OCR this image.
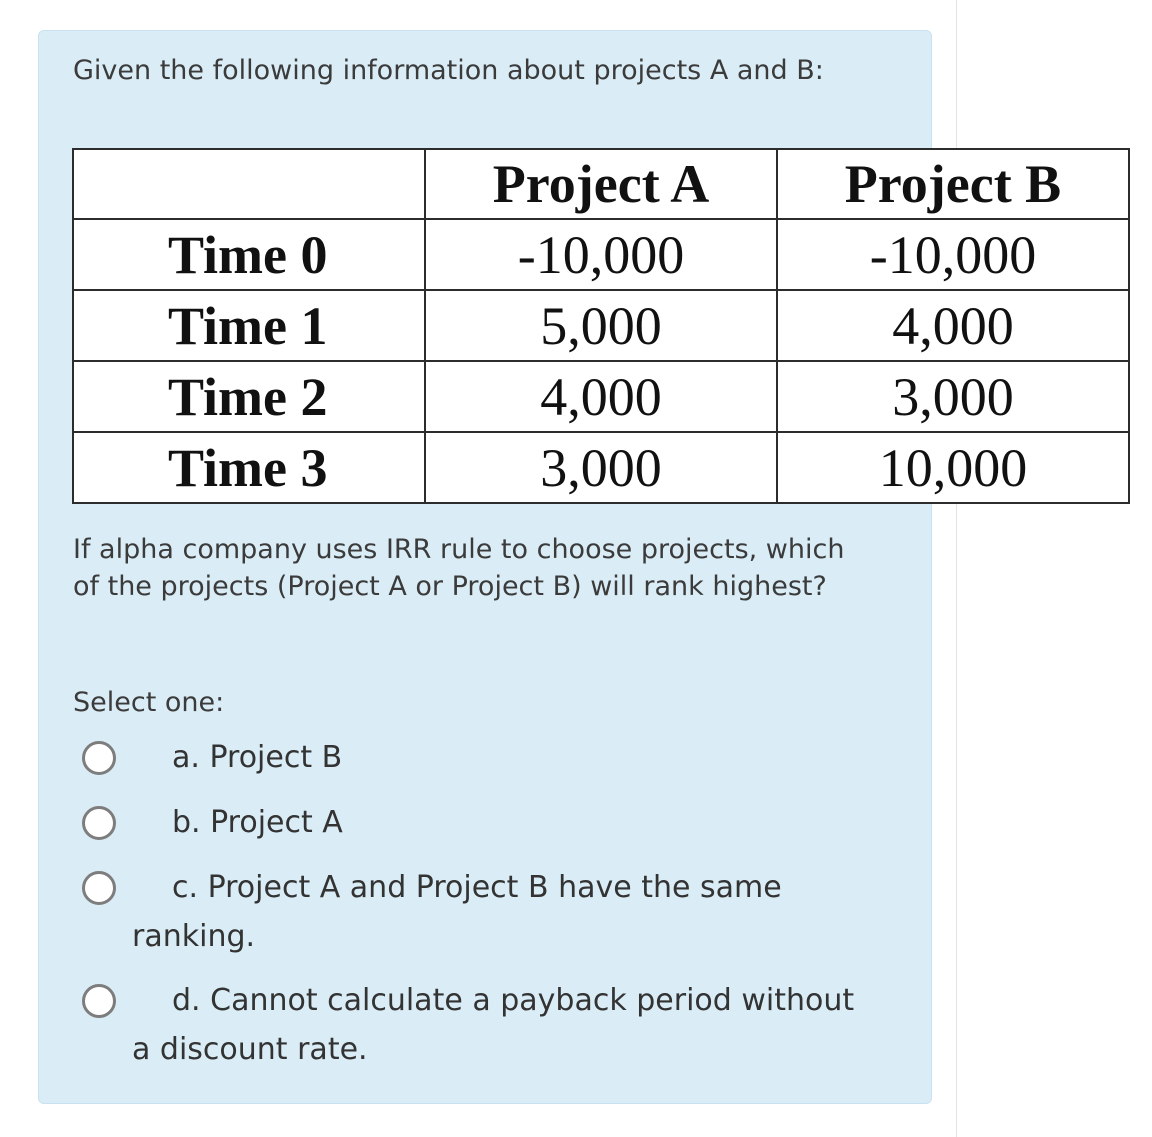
Given the following information about projects A and B:

	Project A	Project B
Time 0	-10,000	-10,000
Time 1	5,000	4,000
Time 2	4,000	3,000
Time 3	3,000	10,000

If alpha company uses IRR rule to choose projects, which of the projects (Project A or Project B) will rank highest?

Select one:

a. Project B
b. Project A
c. Project A and Project B have the same ranking.
d. Cannot calculate a payback period without a discount rate.
